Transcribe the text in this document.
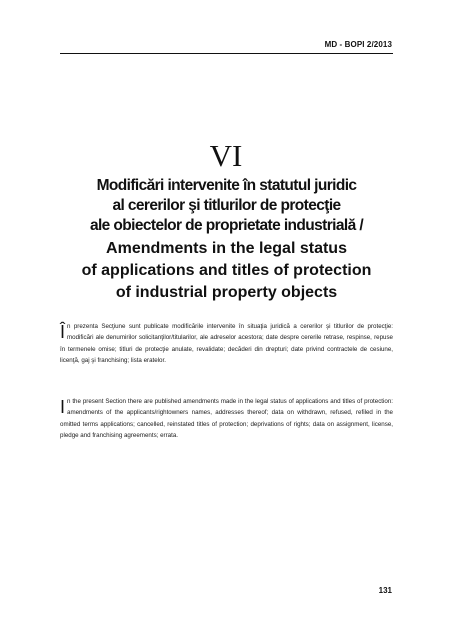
MD - BOPI 2/2013
VI
Modificări intervenite în statutul juridic
al cererilor şi titlurilor de protecţie
ale obiectelor de proprietate industrială /
Amendments in the legal status
of applications and titles of protection
of industrial property objects
În prezenta Secţiune sunt publicate modificările intervenite în situaţia juridică a cererilor şi titlurilor de protecţie: modificări ale denumirilor solicitanţilor/titularilor, ale adreselor acestora; date despre cererile retrase, respinse, repuse în termenele omise; titluri de protecţie anulate, revalidate; decăderi din drepturi; date privind contractele de cesiune, licenţă, gaj şi franchising; lista eratelor.
In the present Section there are published amendments made in the legal status of applications and titles of protection: amendments of the applicants/rightowners names, addresses thereof; data on withdrawn, refused, refiled in the omitted terms applications; cancelled, reinstated titles of protection; deprivations of rights; data on assignment, license, pledge and franchising agreements; errata.
131
